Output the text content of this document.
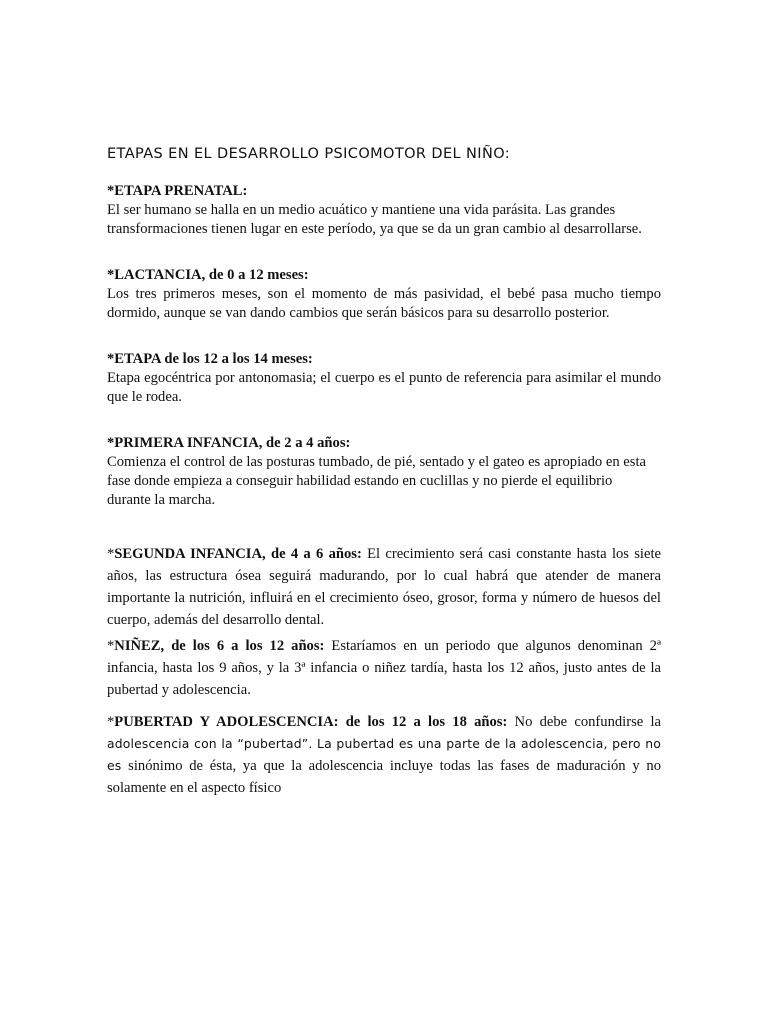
ETAPAS EN EL DESARROLLO PSICOMOTOR DEL NIÑO:
*ETAPA PRENATAL:
El ser humano se halla en un medio acuático y mantiene una vida parásita. Las grandes transformaciones tienen lugar en este período, ya que se da un gran cambio al desarrollarse.
*LACTANCIA, de 0 a 12 meses:
Los tres primeros meses, son el momento de más pasividad, el bebé pasa mucho tiempo dormido, aunque se van dando cambios que serán básicos para su desarrollo posterior.
*ETAPA de los 12 a los 14 meses:
Etapa egocéntrica por antonomasia; el cuerpo es el punto de referencia para asimilar el mundo que le rodea.
*PRIMERA INFANCIA, de 2 a 4 años:
Comienza el control de las posturas tumbado, de pié, sentado y el gateo es apropiado en esta fase donde empieza a conseguir habilidad estando en cuclillas y no pierde el equilibrio durante la marcha.
*SEGUNDA INFANCIA, de 4 a 6 años: El crecimiento será casi constante hasta los siete años, las estructura ósea seguirá madurando, por lo cual habrá que atender de manera importante la nutrición, influirá en el crecimiento óseo, grosor, forma y número de huesos del cuerpo, además del desarrollo dental.
*NIÑEZ, de los 6 a los 12 años: Estaríamos en un periodo que algunos denominan 2ª infancia, hasta los 9 años, y la 3ª infancia o niñez tardía, hasta los 12 años, justo antes de la pubertad y adolescencia.
*PUBERTAD Y ADOLESCENCIA: de los 12 a los 18 años: No debe confundirse la adolescencia con la “pubertad”. La pubertad es una parte de la adolescencia, pero no es sinónimo de ésta, ya que la adolescencia incluye todas las fases de maduración y no solamente en el aspecto físico
